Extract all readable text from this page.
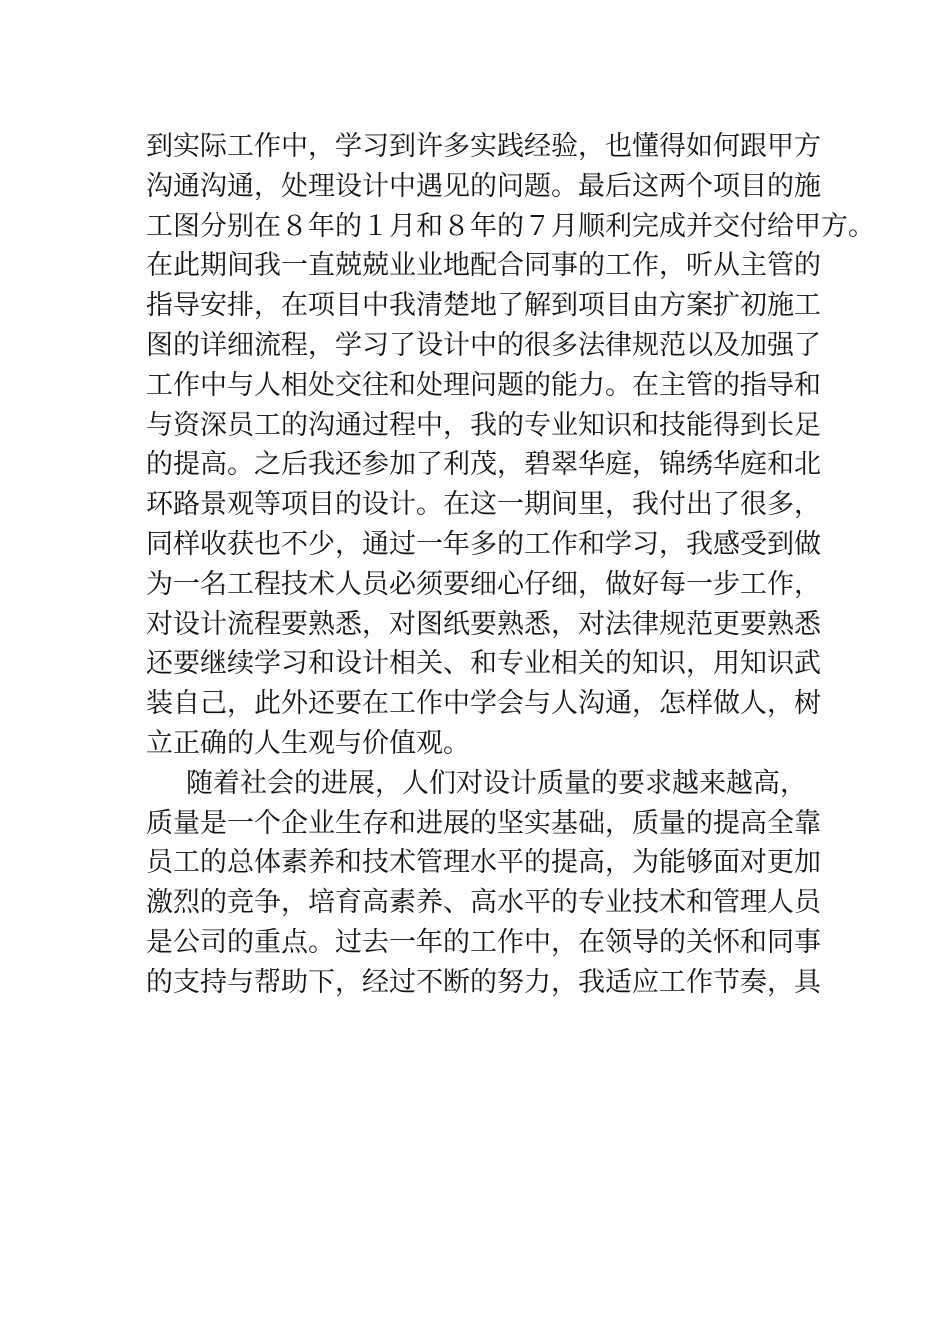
到实际工作中，学习到许多实践经验，也懂得如何跟甲方
沟通沟通，处理设计中遇见的问题。最后这两个项目的施
工图分别在８年的１月和８年的７月顺利完成并交付给甲方。
在此期间我一直兢兢业业地配合同事的工作，听从主管的
指导安排，在项目中我清楚地了解到项目由方案扩初施工
图的详细流程，学习了设计中的很多法律规范以及加强了
工作中与人相处交往和处理问题的能力。在主管的指导和
与资深员工的沟通过程中，我的专业知识和技能得到长足
的提高。之后我还参加了利茂，碧翠华庭，锦绣华庭和北
环路景观等项目的设计。在这一期间里，我付出了很多，
同样收获也不少，通过一年多的工作和学习，我感受到做
为一名工程技术人员必须要细心仔细，做好每一步工作，
对设计流程要熟悉，对图纸要熟悉，对法律规范更要熟悉
还要继续学习和设计相关、和专业相关的知识，用知识武
装自己，此外还要在工作中学会与人沟通，怎样做人，树
立正确的人生观与价值观。
随着社会的进展，人们对设计质量的要求越来越高，
质量是一个企业生存和进展的坚实基础，质量的提高全靠
员工的总体素养和技术管理水平的提高，为能够面对更加
激烈的竞争，培育高素养、高水平的专业技术和管理人员
是公司的重点。过去一年的工作中，在领导的关怀和同事
的支持与帮助下，经过不断的努力，我适应工作节奏，具
